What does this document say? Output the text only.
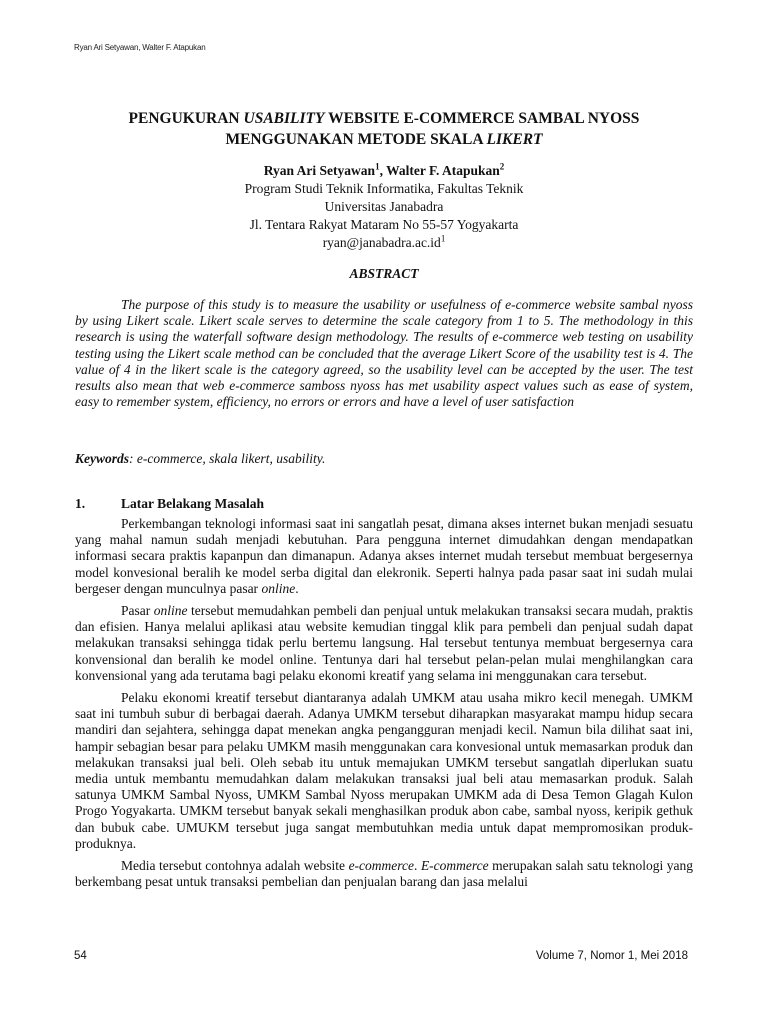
Ryan Ari Setyawan, Walter F. Atapukan
PENGUKURAN USABILITY WEBSITE E-COMMERCE SAMBAL NYOSS
MENGGUNAKAN METODE SKALA LIKERT
Ryan Ari Setyawan$^1$, Walter F. Atapukan$^2$
Program Studi Teknik Informatika, Fakultas Teknik
Universitas Janabadra
Jl. Tentara Rakyat Mataram No 55-57 Yogyakarta
$ryan@janabadra.ac.id^1$
ABSTRACT

The purpose of this study is to measure the usability or usefulness of e-commerce website sambal nyoss by using Likert scale. Likert scale serves to determine the scale category from 1 to 5. The methodology in this research is using the waterfall software design methodology. The results of e-commerce web testing on usability testing using the Likert scale method can be concluded that the average Likert Score of the usability test is 4. The value of 4 in the likert scale is the category agreed, so the usability level can be accepted by the user. The test results also mean that web e-commerce samboss nyoss has met usability aspect values such as ease of system, easy to remember system, efficiency, no errors or errors and have a level of user satisfaction

Keywords: e-commerce, skala likert, usability.
1.	Latar Belakang Masalah

Perkembangan teknologi informasi saat ini sangatlah pesat, dimana akses internet bukan menjadi sesuatu yang mahal namun sudah menjadi kebutuhan. Para pengguna internet dimudahkan dengan mendapatkan informasi secara praktis kapanpun dan dimanapun. Adanya akses internet mudah tersebut membuat bergesernya model konvesional beralih ke model serba digital dan elekronik. Seperti halnya pada pasar saat ini sudah mulai bergeser dengan munculnya pasar online.

Pasar online tersebut memudahkan pembeli dan penjual untuk melakukan transaksi secara mudah, praktis dan efisien. Hanya melalui aplikasi atau website kemudian tinggal klik para pembeli dan penjual sudah dapat melakukan transaksi sehingga tidak perlu bertemu langsung. Hal tersebut tentunya membuat bergesernya cara konvensional dan beralih ke model online. Tentunya dari hal tersebut pelan-pelan mulai menghilangkan cara konvensional yang ada terutama bagi pelaku ekonomi kreatif yang selama ini menggunakan cara tersebut.

Pelaku ekonomi kreatif tersebut diantaranya adalah UMKM atau usaha mikro kecil menegah. UMKM saat ini tumbuh subur di berbagai daerah. Adanya UMKM tersebut diharapkan masyarakat mampu hidup secara mandiri dan sejahtera, sehingga dapat menekan angka pengangguran menjadi kecil. Namun bila dilihat saat ini, hampir sebagian besar para pelaku UMKM masih menggunakan cara konvesional untuk memasarkan produk dan melakukan transaksi jual beli. Oleh sebab itu untuk memajukan UMKM tersebut sangatlah diperlukan suatu media untuk membantu memudahkan dalam melakukan transaksi jual beli atau memasarkan produk. Salah satunya UMKM Sambal Nyoss, UMKM Sambal Nyoss merupakan UMKM ada di Desa Temon Glagah Kulon Progo Yogyakarta. UMKM tersebut banyak sekali menghasilkan produk abon cabe, sambal nyoss, keripik gethuk dan bubuk cabe. UMUKM tersebut juga sangat membutuhkan media untuk dapat mempromosikan produk-produknya.

Media tersebut contohnya adalah website e-commerce. E-commerce merupakan salah satu teknologi yang berkembang pesat untuk transaksi pembelian dan penjualan barang dan jasa melalui

54	Volume 7, Nomor 1, Mei 2018
